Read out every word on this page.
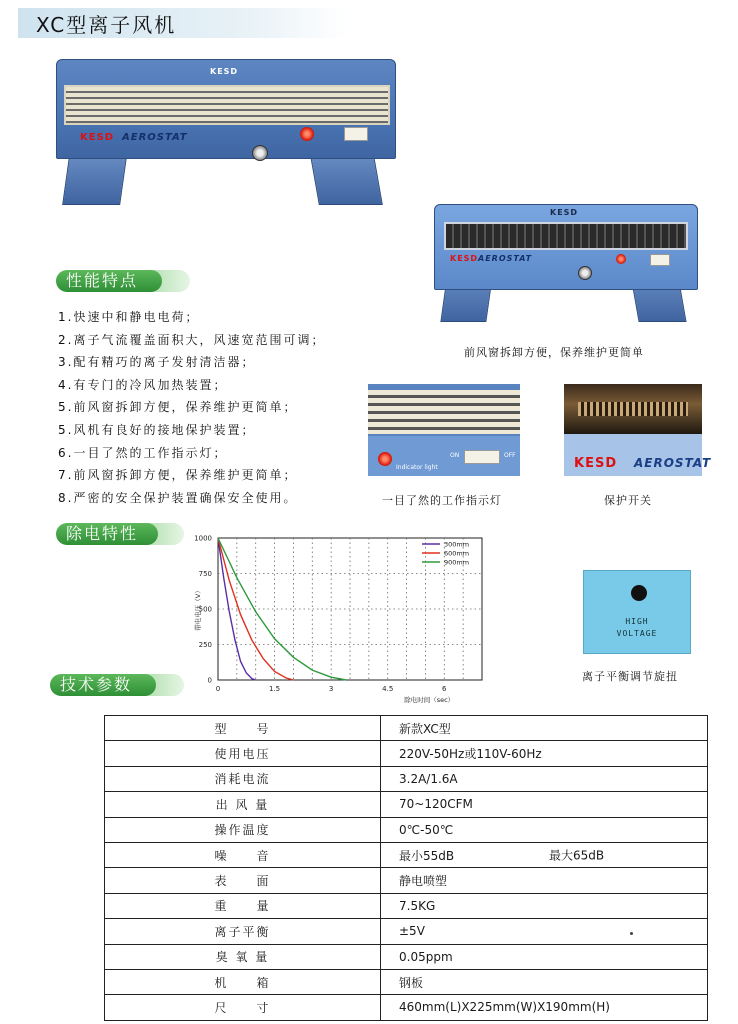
XC型离子风机
KESD
KESD AEROSTAT
KESD
KESD AEROSTAT
前风窗拆卸方便，保养维护更简单
性能特点
1.快速中和静电电荷；
2.离子气流覆盖面积大，风速宽范围可调；
3.配有精巧的离子发射清洁器；
4.有专门的冷风加热装置；
5.前风窗拆卸方便，保养维护更简单；
5.风机有良好的接地保护装置；
6.一目了然的工作指示灯；
7.前风窗拆卸方便，保养维护更简单；
8.严密的安全保护装置确保安全使用。
Indicator light
ON	OFF
一目了然的工作指示灯
KESD AEROSTAT
保护开关
除电特性
0
250
500
750
1000
0	1.5	3	4.5	6
除电时间（sec）
带电电压（V）
300mm
600mm
900mm
HIGH
VOLTAGE
离子平衡调节旋扭
技术参数
型　　号	新款XC型
使用电压	220V-50Hz或110V-60Hz
消耗电流	3.2A/1.6A
出 风 量	70~120CFM
操作温度	0℃-50℃
噪　　音	最小55dB 最大65dB

表　　面	静电喷塑
重　　量	7.5KG
离子平衡	±5V
臭 氧 量	0.05ppm
机　　箱	钢板
尺　　寸	460mm(L)X225mm(W)X190mm(H)
